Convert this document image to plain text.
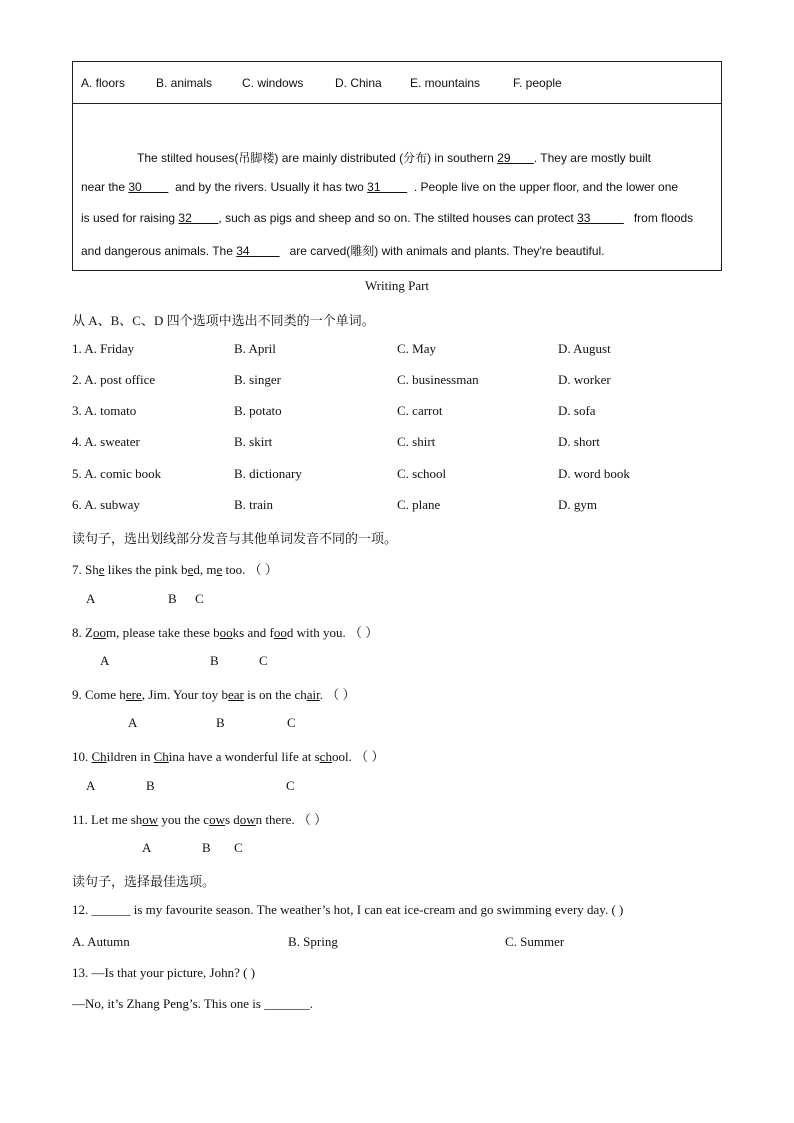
A. floors	B. animals C. windows	D. China E. mountains	F. people
The stilted houses(吊脚楼) are mainly distributed (分布) in southern 29 . They are mostly built
near the 30	and by the rivers. Usually it has two 31	. People live on the upper floor, and the lower one
is used for raising 32 , such as pigs and sheep and so on. The stilted houses can protect 33	from floods
and dangerous animals. The 34	are carved(雕刻) with animals and plants. They're beautiful.
Writing Part
从 A、B、C、D 四个选项中选出不同类的一个单词。
1. A. Friday	B. April	C. May	D. August
2. A. post office	B. singer	C. businessman	D. worker
3. A. tomato	B. potato	C. carrot	D. sofa
4. A. sweater	B. skirt	C. shirt	D. short
5. A. comic book	B. dictionary	C. school	D. word book
6. A. subway	B. train	C. plane	D. gym
读句子，选出划线部分发音与其他单词发音不同的一项。
7. She likes the pink bed, me too. （ ）
A	B C
8. Zoom, please take these books and food with you. （ ）
A	B	C
9. Come here, Jim. Your toy bear is on the chair. （ ）
A	B	C
10. Children in China have a wonderful life at school. （ ）
A	B	C
11. Let me show you the cows down there. （ ）
A	B C
读句子，选择最佳选项。
12. ______ is my favourite season. The weather’s hot, I can eat ice-cream and go swimming every day. ( )
A. Autumn	B. Spring	C. Summer
13. —Is that your picture, John? ( )
—No, it’s Zhang Peng’s. This one is _______.
